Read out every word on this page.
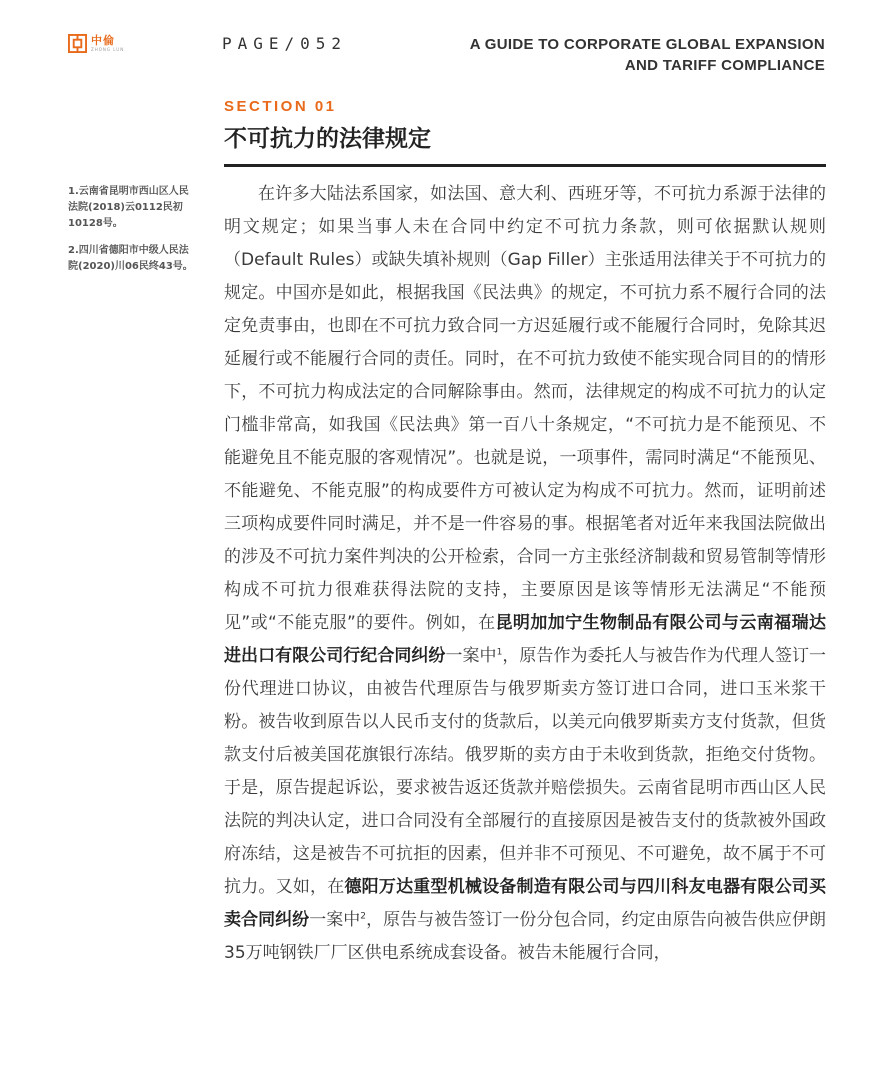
中倫
ZHONG LUN	PAGE/052	A GUIDE TO CORPORATE GLOBAL EXPANSION
AND TARIFF COMPLIANCE
SECTION 01
不可抗力的法律规定

1.云南省昆明市西山区人民法院(2018)云0112民初10128号。

2.四川省德阳市中级人民法院(2020)川06民终43号。

在许多大陆法系国家，如法国、意大利、西班牙等，不可抗力系源于法律的明文规定；如果当事人未在合同中约定不可抗力条款，则可依据默认规则（Default Rules）或缺失填补规则（Gap Filler）主张适用法律关于不可抗力的规定。中国亦是如此，根据我国《民法典》的规定，不可抗力系不履行合同的法定免责事由，也即在不可抗力致合同一方迟延履行或不能履行合同时，免除其迟延履行或不能履行合同的责任。同时，在不可抗力致使不能实现合同目的的情形下，不可抗力构成法定的合同解除事由。然而，法律规定的构成不可抗力的认定门槛非常高，如我国《民法典》第一百八十条规定，“不可抗力是不能预见、不能避免且不能克服的客观情况”。也就是说，一项事件，需同时满足“不能预见、不能避免、不能克服”的构成要件方可被认定为构成不可抗力。然而，证明前述三项构成要件同时满足，并不是一件容易的事。根据笔者对近年来我国法院做出的涉及不可抗力案件判决的公开检索，合同一方主张经济制裁和贸易管制等情形构成不可抗力很难获得法院的支持，主要原因是该等情形无法满足“不能预见”或“不能克服”的要件。例如，在昆明加加宁生物制品有限公司与云南福瑞达进出口有限公司行纪合同纠纷一案中$^1$，原告作为委托人与被告作为代理人签订一份代理进口协议，由被告代理原告与俄罗斯卖方签订进口合同，进口玉米浆干粉。被告收到原告以人民币支付的货款后，以美元向俄罗斯卖方支付货款，但货款支付后被美国花旗银行冻结。俄罗斯的卖方由于未收到货款，拒绝交付货物。于是，原告提起诉讼，要求被告返还货款并赔偿损失。云南省昆明市西山区人民法院的判决认定，进口合同没有全部履行的直接原因是被告支付的货款被外国政府冻结，这是被告不可抗拒的因素，但并非不可预见、不可避免，故不属于不可抗力。又如，在德阳万达重型机械设备制造有限公司与四川科友电器有限公司买卖合同纠纷一案中$^2$，原告与被告签订一份分包合同，约定由原告向被告供应伊朗35万吨钢铁厂厂区供电系统成套设备。被告未能履行合同，
